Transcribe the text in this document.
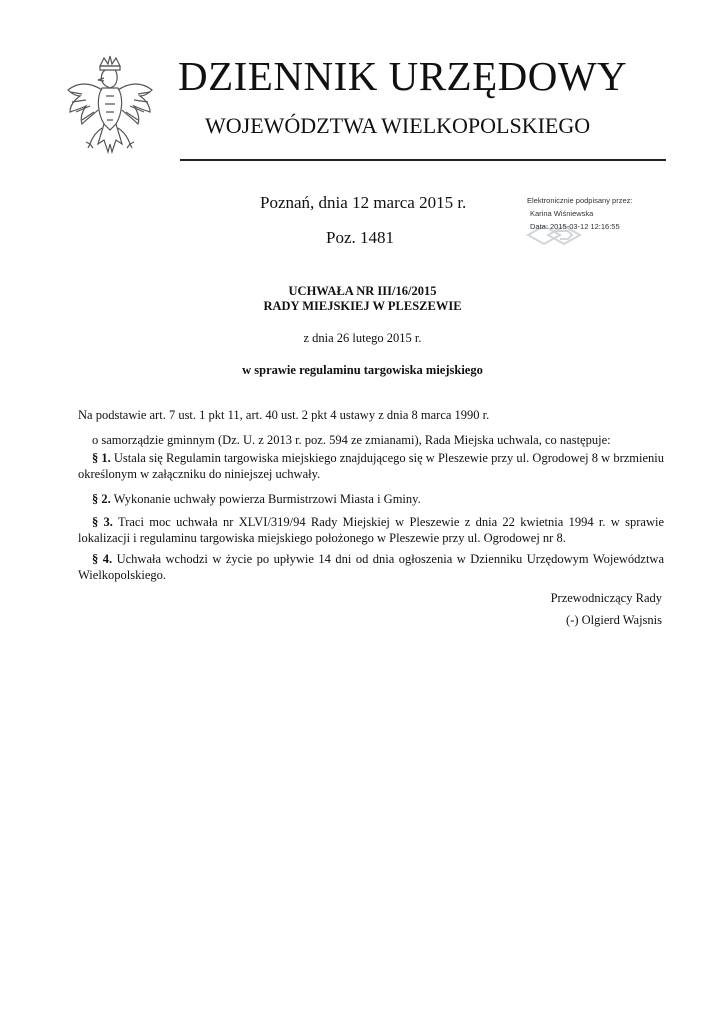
DZIENNIK URZĘDOWY
WOJEWÓDZTWA WIELKOPOLSKIEGO
Poznań, dnia 12 marca 2015 r.
Poz. 1481
Elektronicznie podpisany przez:
Karina Wiśniewska
Data: 2015-03-12 12:16:55
UCHWAŁA NR III/16/2015
RADY MIEJSKIEJ W PLESZEWIE
z dnia 26 lutego 2015 r.
w sprawie regulaminu targowiska miejskiego
Na podstawie art. 7 ust. 1 pkt 11, art. 40 ust. 2 pkt 4 ustawy z dnia 8 marca 1990 r.
o samorządzie gminnym (Dz. U. z 2013 r. poz. 594 ze zmianami), Rada Miejska uchwala, co następuje:
§ 1. Ustala się Regulamin targowiska miejskiego znajdującego się w Pleszewie przy ul. Ogrodowej 8 w brzmieniu określonym w załączniku do niniejszej uchwały.
§ 2. Wykonanie uchwały powierza Burmistrzowi Miasta i Gminy.
§ 3. Traci moc uchwała nr XLVI/319/94 Rady Miejskiej w Pleszewie z dnia 22 kwietnia 1994 r. w sprawie lokalizacji i regulaminu targowiska miejskiego położonego w Pleszewie przy ul. Ogrodowej nr 8.
§ 4. Uchwała wchodzi w życie po upływie 14 dni od dnia ogłoszenia w Dzienniku Urzędowym Województwa Wielkopolskiego.
Przewodniczący Rady
(-) Olgierd Wajsnis
